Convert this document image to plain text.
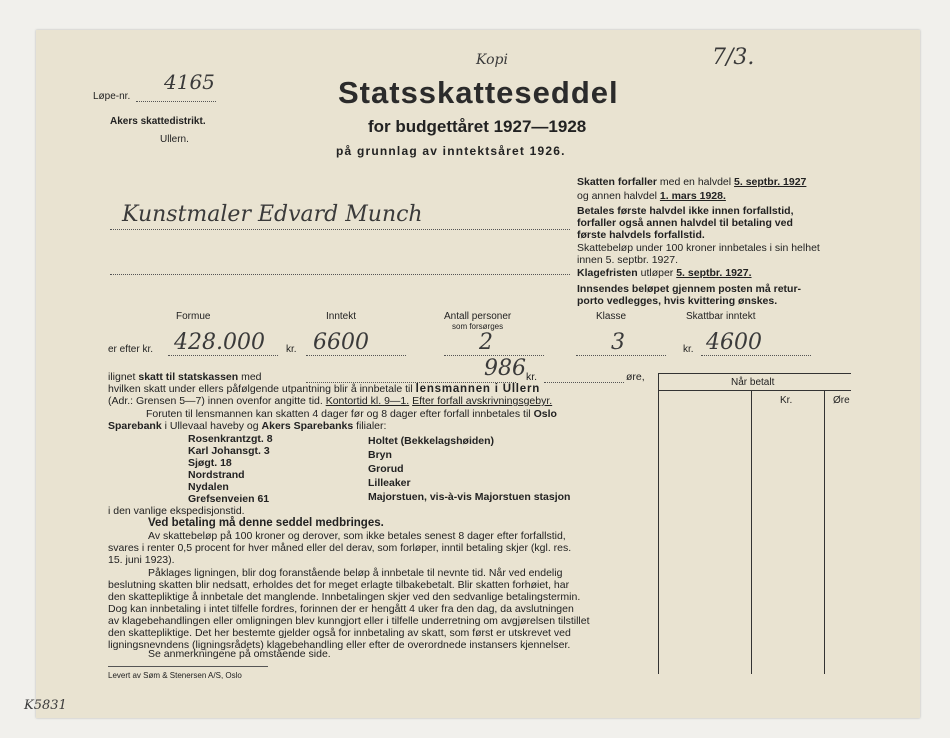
Løpe-nr.
4165
Akers skattedistrikt.
Ullern.
Statsskatteseddel
for budgettåret 1927—1928
på grunnlag av inntektsåret 1926.
Kopi	7/3.
Kunstmaler Edvard Munch
Skatten forfaller med en halvdel 5. septbr. 1927
og annen halvdel 1. mars 1928.
Betales første halvdel ikke innen forfallstid,
forfaller også annen halvdel til betaling ved
første halvdels forfallstid.
Skattebeløp under 100 kroner innbetales i sin helhet
innen 5. septbr. 1927.
Klagefristen utløper 5. septbr. 1927.
Innsendes beløpet gjennem posten må retur-
porto vedlegges, hvis kvittering ønskes.
Formue	Inntekt	Antall personer
som forsørges
Klasse	Skattbar inntekt
er efter kr. 428.000 kr. 6600	2	3	kr. 4600
ilignet skatt til statskassen med	986 kr.	øre,
hvilken skatt under ellers påfølgende utpantning blir å innbetale til lensmannen i Ullern
(Adr.: Grensen 5—7) innen ovenfor angitte tid. Kontortid kl. 9—1. Efter forfall avskrivningsgebyr.
Foruten til lensmannen kan skatten 4 dager før og 8 dager efter forfall innbetales til Oslo
Sparebank i Ullevaal haveby og Akers Sparebanks filialer:
Rosenkrantzgt. 8
Karl Johansgt. 3
Sjøgt. 18
Nordstrand
Nydalen
Grefsenveien 61
Holtet (Bekkelagshøiden)
Bryn
Grorud
Lilleaker
Majorstuen, vis-à-vis Majorstuen stasjon
i den vanlige ekspedisjonstid.
Ved betaling må denne seddel medbringes.
Av skattebeløp på 100 kroner og derover, som ikke betales senest 8 dager efter forfallstid,
svares i renter 0,5 procent for hver måned eller del derav, som forløper, inntil betaling skjer (kgl. res.
15. juni 1923).
Påklages ligningen, blir dog foranstående beløp å innbetale til nevnte tid. Når ved endelig
beslutning skatten blir nedsatt, erholdes det for meget erlagte tilbakebetalt. Blir skatten forhøiet, har
den skattepliktige å innbetale det manglende. Innbetalingen skjer ved den sedvanlige betalingstermin.
Dog kan innbetaling i intet tilfelle fordres, forinnen der er hengått 4 uker fra den dag, da avslutningen
av klagebehandlingen eller omligningen blev kunngjort eller i tilfelle underretning om avgjørelsen tilstillet
den skattepliktige. Det her bestemte gjelder også for innbetaling av skatt, som først er utskrevet ved
ligningsnevndens (ligningsrådets) klagebehandling eller efter de overordnede instansers kjennelser.
Se anmerkningene på omstående side.
Levert av Søm & Stenersen A/S, Oslo
Når betalt
Kr.	Øre
K5831
